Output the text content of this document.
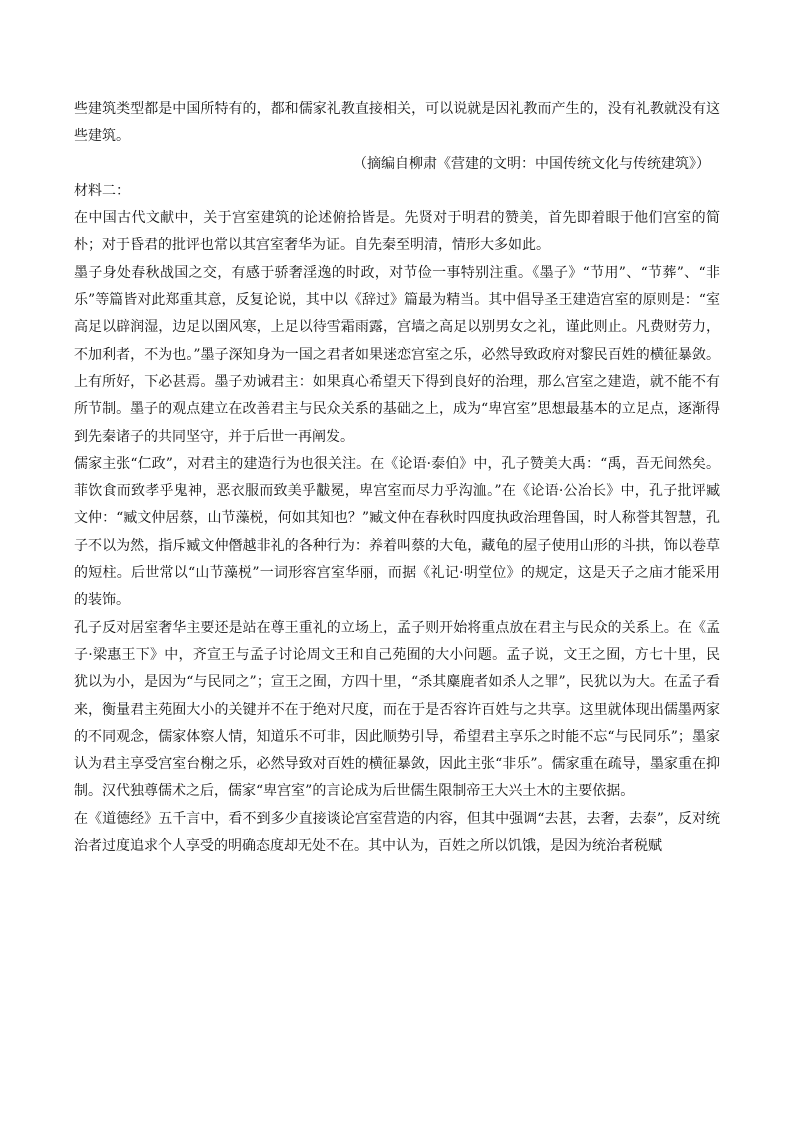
些建筑类型都是中国所特有的，都和儒家礼教直接相关，可以说就是因礼教而产生的，没有礼教就没有这些建筑。

（摘编自柳肃《营建的文明：中国传统文化与传统建筑》）

材料二：

在中国古代文献中，关于宫室建筑的论述俯拾皆是。先贤对于明君的赞美，首先即着眼于他们宫室的简朴；对于昏君的批评也常以其宫室奢华为证。自先秦至明清，情形大多如此。

墨子身处春秋战国之交，有感于骄奢淫逸的时政，对节俭一事特别注重。《墨子》“节用”、“节葬”、“非乐”等篇皆对此郑重其意，反复论说，其中以《辞过》篇最为精当。其中倡导圣王建造宫室的原则是：“室高足以辟润湿，边足以圉风寒，上足以待雪霜雨露，宫墙之高足以别男女之礼，谨此则止。凡费财劳力，不加利者，不为也。”墨子深知身为一国之君者如果迷恋宫室之乐，必然导致政府对黎民百姓的横征暴敛。上有所好，下必甚焉。墨子劝诫君主：如果真心希望天下得到良好的治理，那么宫室之建造，就不能不有所节制。墨子的观点建立在改善君主与民众关系的基础之上，成为“卑宫室”思想最基本的立足点，逐渐得到先秦诸子的共同坚守，并于后世一再阐发。

儒家主张“仁政”，对君主的建造行为也很关注。在《论语·泰伯》中，孔子赞美大禹：“禹，吾无间然矣。菲饮食而致孝乎鬼神，恶衣服而致美乎黻冕，卑宫室而尽力乎沟洫。”在《论语·公冶长》中，孔子批评臧文仲：“臧文仲居蔡，山节藻棁，何如其知也？”臧文仲在春秋时四度执政治理鲁国，时人称誉其智慧，孔子不以为然，指斥臧文仲僭越非礼的各种行为：养着叫蔡的大龟，藏龟的屋子使用山形的斗拱，饰以卷草的短柱。后世常以“山节藻棁”一词形容宫室华丽，而据《礼记·明堂位》的规定，这是天子之庙才能采用的装饰。

孔子反对居室奢华主要还是站在尊王重礼的立场上，孟子则开始将重点放在君主与民众的关系上。在《孟子·梁惠王下》中，齐宣王与孟子讨论周文王和自己苑囿的大小问题。孟子说，文王之囿，方七十里，民犹以为小，是因为“与民同之”；宣王之囿，方四十里，“杀其麋鹿者如杀人之罪”，民犹以为大。在孟子看来，衡量君主苑囿大小的关键并不在于绝对尺度，而在于是否容许百姓与之共享。这里就体现出儒墨两家的不同观念，儒家体察人情，知道乐不可非，因此顺势引导，希望君主享乐之时能不忘“与民同乐”；墨家认为君主享受宫室台榭之乐，必然导致对百姓的横征暴敛，因此主张“非乐”。儒家重在疏导，墨家重在抑制。汉代独尊儒术之后，儒家“卑宫室”的言论成为后世儒生限制帝王大兴土木的主要依据。

在《道德经》五千言中，看不到多少直接谈论宫室营造的内容，但其中强调“去甚，去奢，去泰”，反对统治者过度追求个人享受的明确态度却无处不在。其中认为，百姓之所以饥饿，是因为统治者税赋
